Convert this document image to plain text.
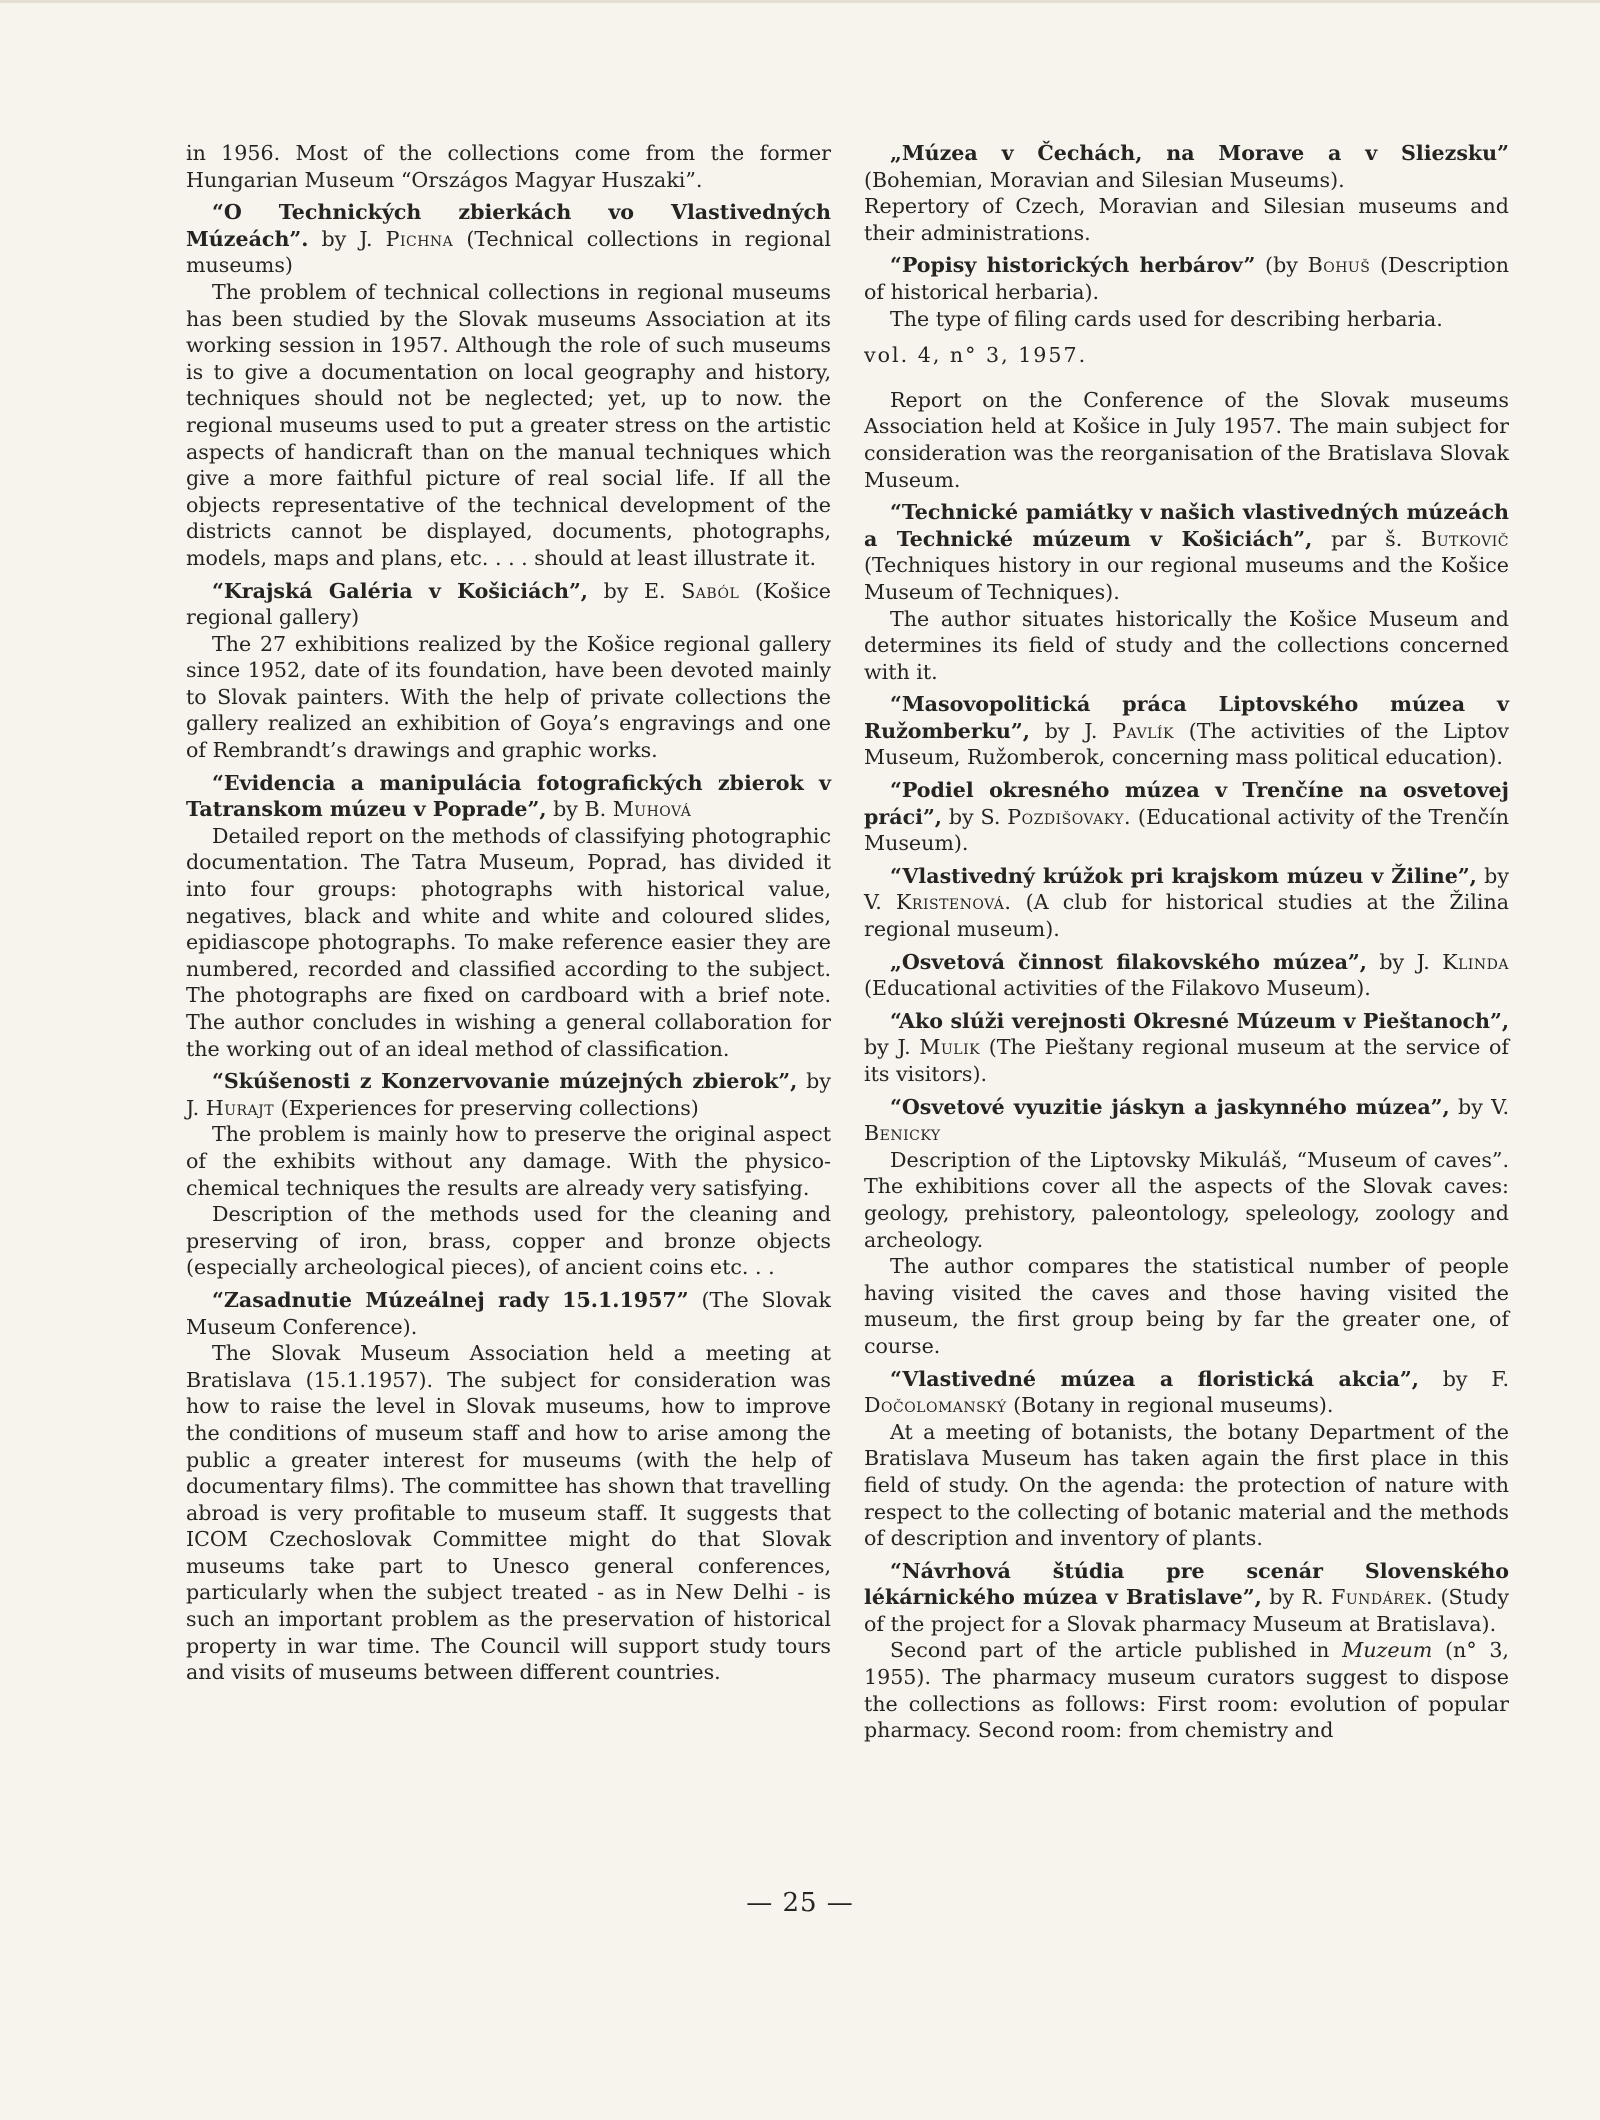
in 1956. Most of the collections come from the former Hungarian Museum “Országos Magyar Huszaki”.

“O Technických zbierkách vo Vlastivedných Múzeách”. by J. Pichna (Technical collections in regional museums)

The problem of technical collections in regional museums has been studied by the Slovak museums Association at its working session in 1957. Although the role of such museums is to give a documentation on local geography and history, techniques should not be neglected; yet, up to now. the regional museums used to put a greater stress on the artistic aspects of handicraft than on the manual techniques which give a more faithful picture of real social life. If all the objects representative of the technical development of the districts cannot be displayed, documents, photographs, models, maps and plans, etc. . . . should at least illustrate it.

“Krajská Galéria v Košiciách”, by E. Saból (Košice regional gallery)

The 27 exhibitions realized by the Košice regional gallery since 1952, date of its foundation, have been devoted mainly to Slovak painters. With the help of private collections the gallery realized an exhibition of Goya’s engravings and one of Rembrandt’s drawings and graphic works.

“Evidencia a manipulácia fotografických zbierok v Tatranskom múzeu v Poprade”, by B. Muhová

Detailed report on the methods of classifying photographic documentation. The Tatra Museum, Poprad, has divided it into four groups: photographs with historical value, negatives, black and white and white and coloured slides, epidiascope photographs. To make reference easier they are numbered, recorded and classified according to the subject. The photographs are fixed on cardboard with a brief note. The author concludes in wishing a general collaboration for the working out of an ideal method of classification.

“Skúšenosti z Konzervovanie múzejných zbierok”, by J. Hurajt (Experiences for preserving collections)

The problem is mainly how to preserve the original aspect of the exhibits without any damage. With the physico-chemical techniques the results are already very satisfying.

Description of the methods used for the cleaning and preserving of iron, brass, copper and bronze objects (especially archeological pieces), of ancient coins etc. . .

“Zasadnutie Múzeálnej rady 15.1.1957” (The Slovak Museum Conference).

The Slovak Museum Association held a meeting at Bratislava (15.1.1957). The subject for consideration was how to raise the level in Slovak museums, how to improve the conditions of museum staff and how to arise among the public a greater interest for museums (with the help of documentary films). The committee has shown that travelling abroad is very profitable to museum staff. It suggests that ICOM Czechoslovak Committee might do that Slovak museums take part to Unesco general conferences, particularly when the subject treated - as in New Delhi - is such an important problem as the preservation of historical property in war time. The Council will support study tours and visits of museums between different countries.

„Múzea v Čechách, na Morave a v Sliezsku” (Bohemian, Moravian and Silesian Museums).

Repertory of Czech, Moravian and Silesian museums and their administrations.

“Popisy historických herbárov” (by Bohuš (Description of historical herbaria).

The type of filing cards used for describing herbaria.

vol. 4, n° 3, 1957.

Report on the Conference of the Slovak museums Association held at Košice in July 1957. The main subject for consideration was the reorganisation of the Bratislava Slovak Museum.

“Technické pamiátky v našich vlastivedných múzeách a Technické múzeum v Košiciách”, par š. Butkovič (Techniques history in our regional museums and the Košice Museum of Techniques).

The author situates historically the Košice Museum and determines its field of study and the collections concerned with it.

“Masovopolitická práca Liptovského múzea v Ružomberku”, by J. Pavlík (The activities of the Liptov Museum, Ružomberok, concerning mass political education).

“Podiel okresného múzea v Trenčíne na osvetovej práci”, by S. Pozdišovaky. (Educational activity of the Trenčín Museum).

“Vlastivedný krúžok pri krajskom múzeu v Žiline”, by V. Kristenová. (A club for historical studies at the Žilina regional museum).

„Osvetová činnost filakovského múzea”, by J. Klinda (Educational activities of the Filakovo Museum).

“Ako slúži verejnosti Okresné Múzeum v Pieštanoch”, by J. Mulik (The Pieštany regional museum at the service of its visitors).

“Osvetové vyuzitie jáskyn a jaskynného múzea”, by V. Benicky

Description of the Liptovsky Mikuláš, “Museum of caves”. The exhibitions cover all the aspects of the Slovak caves: geology, prehistory, paleontology, speleology, zoology and archeology.

The author compares the statistical number of people having visited the caves and those having visited the museum, the first group being by far the greater one, of course.

“Vlastivedné múzea a floristická akcia”, by F. Dočolomanský (Botany in regional museums).

At a meeting of botanists, the botany Department of the Bratislava Museum has taken again the first place in this field of study. On the agenda: the protection of nature with respect to the collecting of botanic material and the methods of description and inventory of plants.

“Návrhová štúdia pre scenár Slovenského lékárnického múzea v Bratislave”, by R. Fundárek. (Study of the project for a Slovak pharmacy Museum at Bratislava).

Second part of the article published in Muzeum (n° 3, 1955). The pharmacy museum curators suggest to dispose the collections as follows: First room: evolution of popular pharmacy. Second room: from chemistry and

— 25 —
